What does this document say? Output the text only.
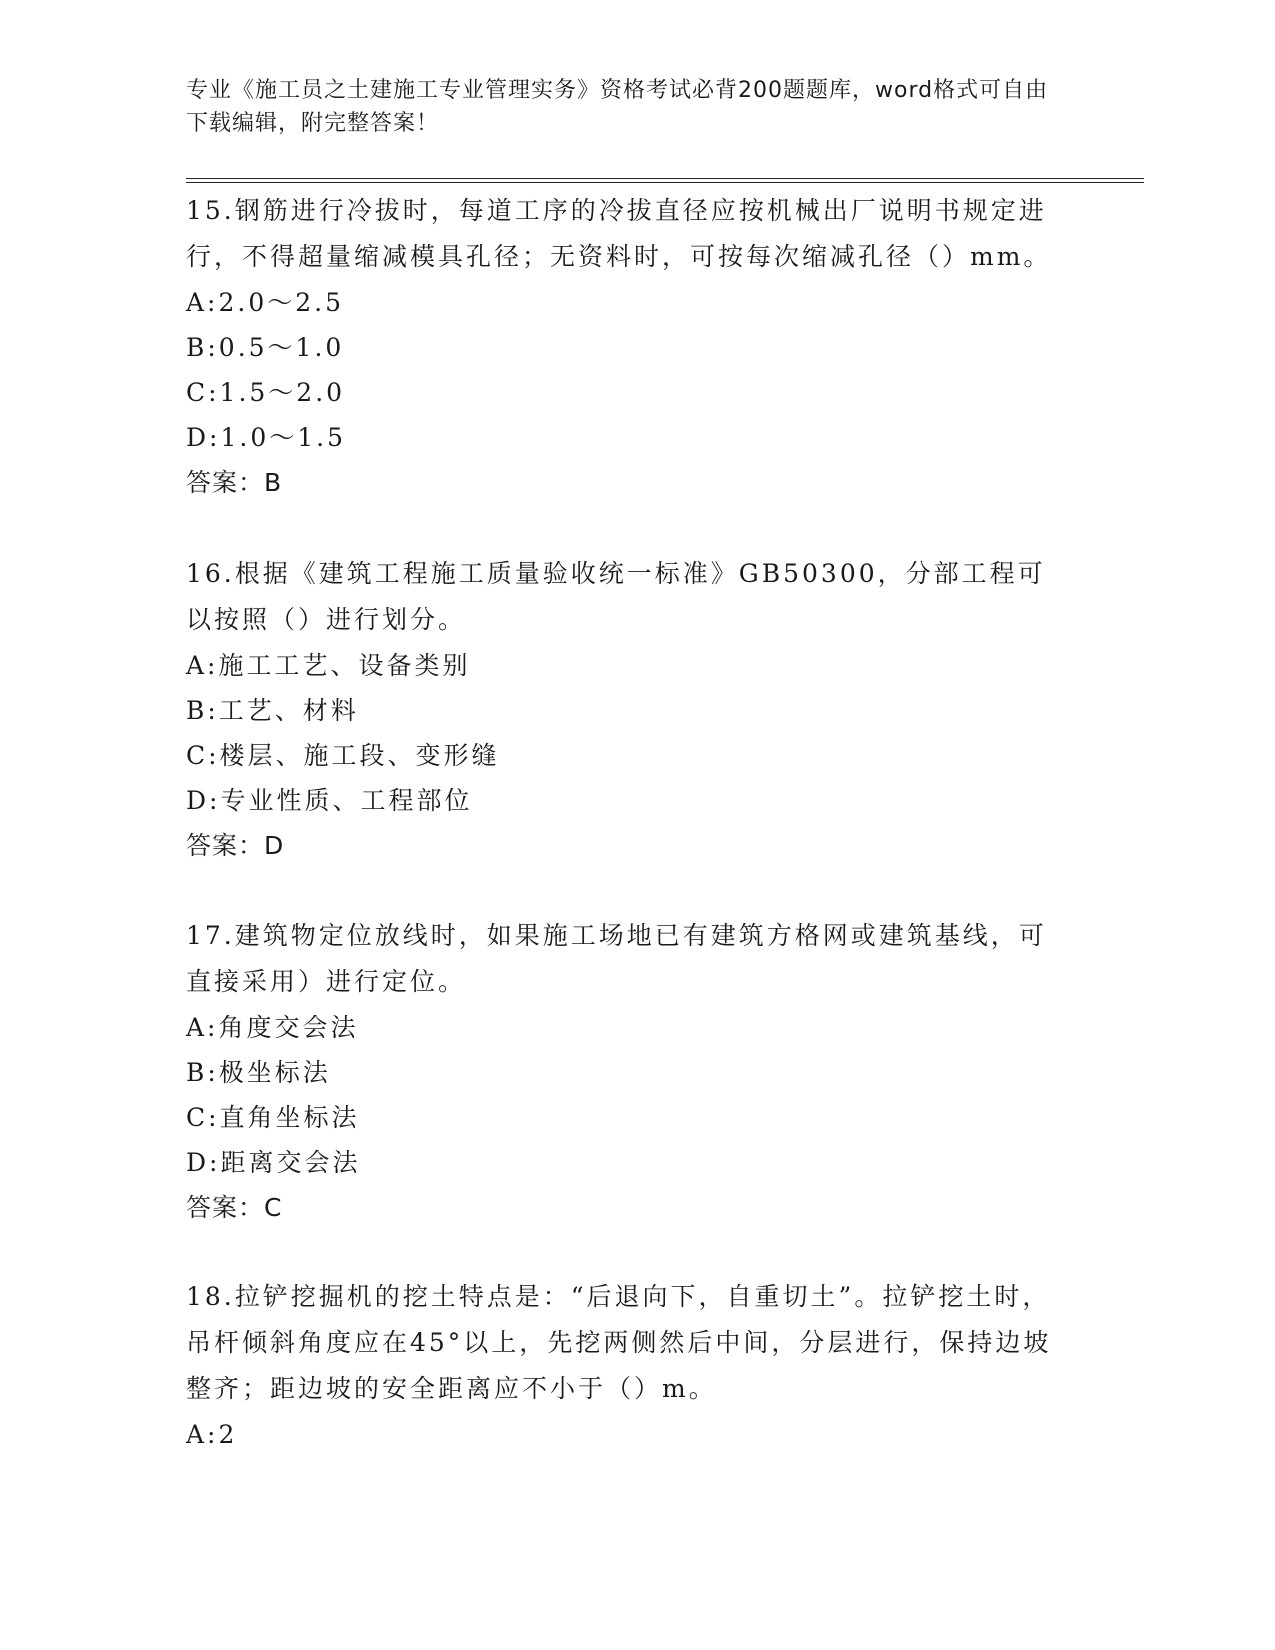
专业《施工员之土建施工专业管理实务》资格考试必背200题题库，word格式可自由下载编辑，附完整答案！

15.钢筋进行冷拔时，每道工序的冷拔直径应按机械出厂说明书规定进行，不得超量缩减模具孔径；无资料时，可按每次缩减孔径（）mm。

A:2.0～2.5

B:0.5～1.0

C:1.5～2.0

D:1.0～1.5

答案：B

16.根据《建筑工程施工质量验收统一标准》GB50300，分部工程可以按照（）进行划分。

A:施工工艺、设备类别

B:工艺、材料

C:楼层、施工段、变形缝

D:专业性质、工程部位

答案：D

17.建筑物定位放线时，如果施工场地已有建筑方格网或建筑基线，可直接采用）进行定位。

A:角度交会法

B:极坐标法

C:直角坐标法

D:距离交会法

答案：C

18.拉铲挖掘机的挖土特点是：“后退向下，自重切土”。拉铲挖土时，吊杆倾斜角度应在45°以上，先挖两侧然后中间，分层进行，保持边坡整齐；距边坡的安全距离应不小于（）m。

A:2
